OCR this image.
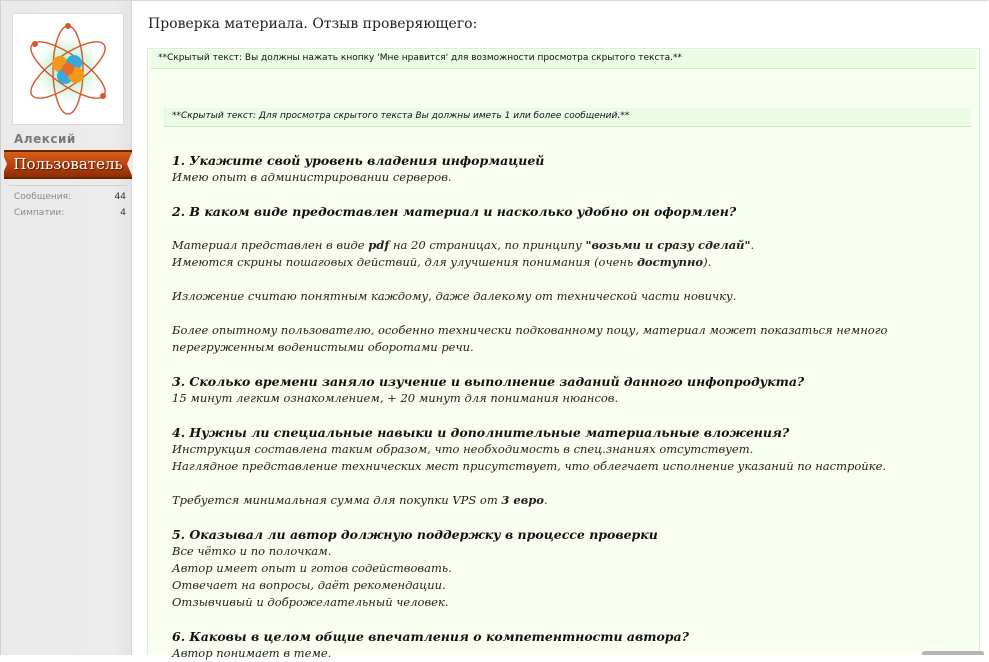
Алексий
Пользователь
Сообщения:	44
Симпатии:	4
Проверка материала. Отзыв проверяющего:
**Скрытый текст: Вы должны нажать кнопку 'Мне нравится' для возможности просмотра скрытого текста.**
**Скрытый текст: Для просмотра скрытого текста Вы должны иметь 1 или более сообщений.**
1. Укажите свой уровень владения информацией
Имею опыт в администрировании серверов.
2. В каком виде предоставлен материал и насколько удобно он оформлен?
Материал представлен в виде pdf на 20 страницах, по принципу "возьми и сразу сделай".
Имеются скрины пошаговых действий, для улучшения понимания (очень доступно).
Изложение считаю понятным каждому, даже далекому от технической части новичку.
Более опытному пользователю, особенно технически подкованному поцу, материал может показаться немного
перегруженным воденистыми оборотами речи.
3. Сколько времени заняло изучение и выполнение заданий данного инфопродукта?
15 минут легким ознакомлением, + 20 минут для понимания нюансов.
4. Нужны ли специальные навыки и дополнительные материальные вложения?
Инструкция составлена таким образом, что необходимость в спец.знаниях отсутствует.
Наглядное представление технических мест присутствует, что облегчает исполнение указаний по настройке.
Требуется минимальная сумма для покупки VPS от 3 евро.
5. Оказывал ли автор должную поддержку в процессе проверки
Все чётко и по полочкам.
Автор имеет опыт и готов содействовать.
Отвечает на вопросы, даёт рекомендации.
Отзывчивый и доброжелательный человек.
6. Каковы в целом общие впечатления о компетентности автора?
Автор понимает в теме.
